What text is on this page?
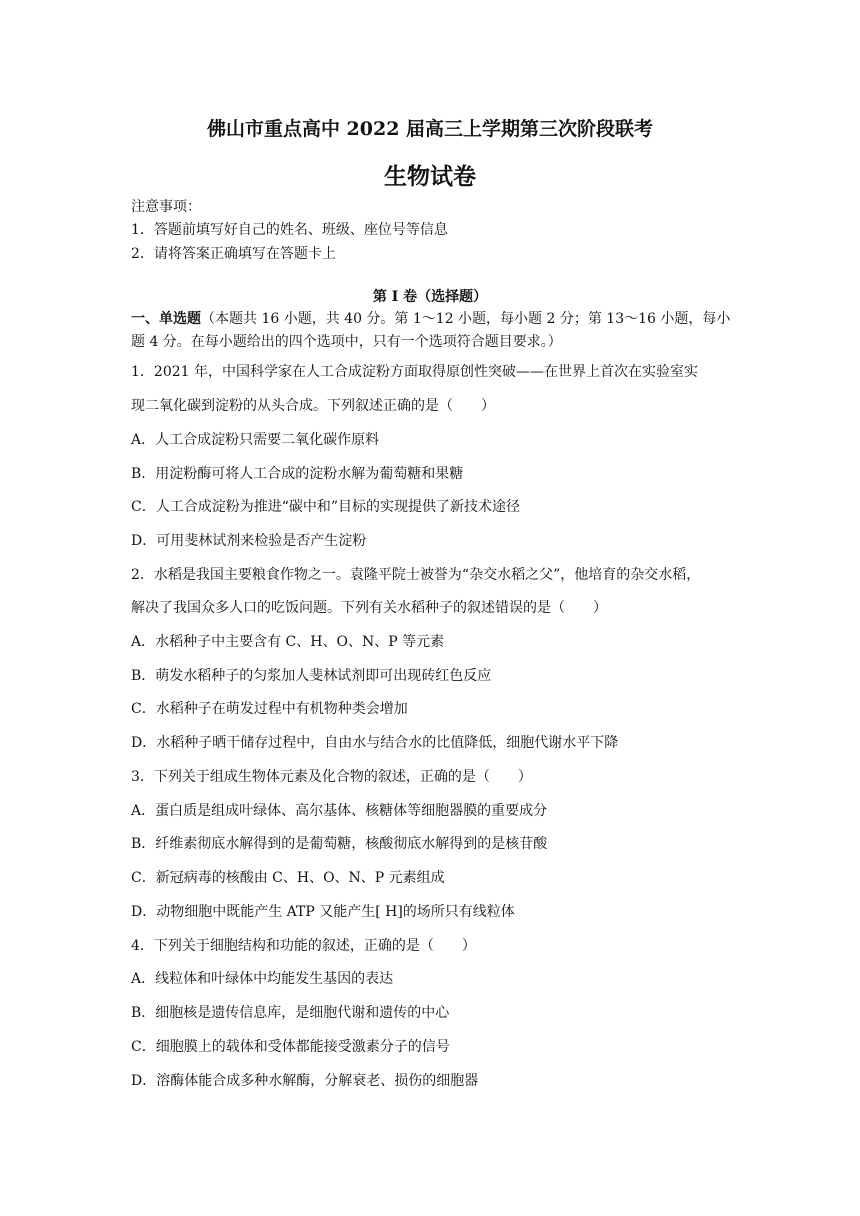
佛山市重点高中 2022 届高三上学期第三次阶段联考
生物试卷
注意事项：
1．答题前填写好自己的姓名、班级、座位号等信息
2．请将答案正确填写在答题卡上
第 I 卷（选择题）
一、单选题（本题共 16 小题，共 40 分。第 1～12 小题，每小题 2 分；第 13～16 小题，每小题 4 分。在每小题给出的四个选项中，只有一个选项符合题目要求。）
1．2021 年，中国科学家在人工合成淀粉方面取得原创性突破——在世界上首次在实验室实
现二氧化碳到淀粉的从头合成。下列叙述正确的是（　　）
A．人工合成淀粉只需要二氧化碳作原料
B．用淀粉酶可将人工合成的淀粉水解为葡萄糖和果糖
C．人工合成淀粉为推进“碳中和”目标的实现提供了新技术途径
D．可用斐林试剂来检验是否产生淀粉
2．水稻是我国主要粮食作物之一。袁隆平院士被誉为“杂交水稻之父”，他培育的杂交水稻，
解决了我国众多人口的吃饭问题。下列有关水稻种子的叙述错误的是（　　）
A．水稻种子中主要含有 C、H、O、N、P 等元素
B．萌发水稻种子的匀浆加人斐林试剂即可出现砖红色反应
C．水稻种子在萌发过程中有机物种类会增加
D．水稻种子晒干储存过程中，自由水与结合水的比值降低，细胞代谢水平下降
3．下列关于组成生物体元素及化合物的叙述，正确的是（　　）
A．蛋白质是组成叶绿体、高尔基体、核糖体等细胞器膜的重要成分
B．纤维素彻底水解得到的是葡萄糖，核酸彻底水解得到的是核苷酸
C．新冠病毒的核酸由 C、H、O、N、P 元素组成
D．动物细胞中既能产生 ATP 又能产生[ H]的场所只有线粒体
4．下列关于细胞结构和功能的叙述，正确的是（　　）
A．线粒体和叶绿体中均能发生基因的表达
B．细胞核是遗传信息库，是细胞代谢和遗传的中心
C．细胞膜上的载体和受体都能接受激素分子的信号
D．溶酶体能合成多种水解酶，分解衰老、损伤的细胞器
